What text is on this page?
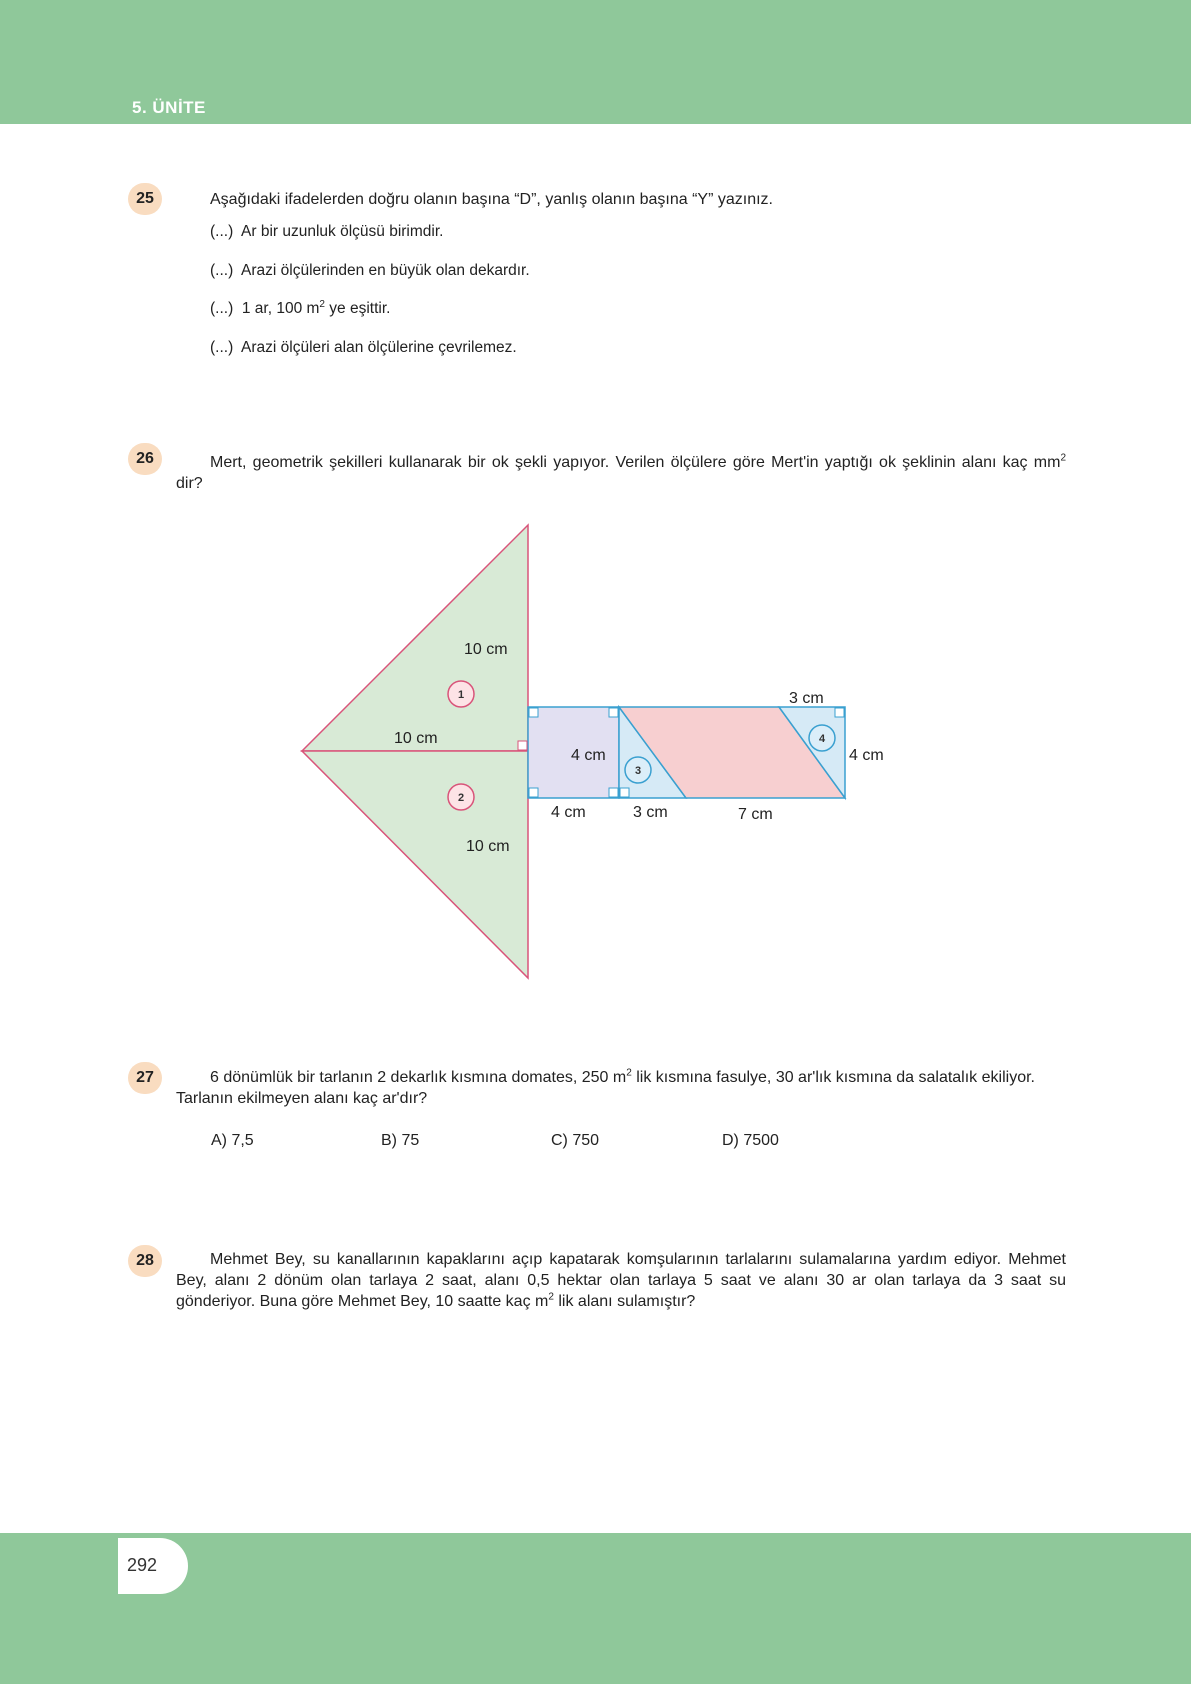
5. ÜNİTE
292
25	Aşağıdaki ifadelerden doğru olanın başına “D”, yanlış olanın başına “Y” yazınız.
(...) Ar bir uzunluk ölçüsü birimdir.
(...) Arazi ölçülerinden en büyük olan dekardır.
(...) 1 ar, 100 $m^2$ ye eşittir.
(...) Arazi ölçüleri alan ölçülerine çevrilemez.
26	Mert, geometrik şekilleri kullanarak bir ok şekli yapıyor. Verilen ölçülere göre Mert'in yaptığı ok şeklinin alanı kaç $mm^2$ dir?
1
2
3
4
10 cm
10 cm
10 cm
4 cm
4 cm	3 cm	7 cm
3 cm
4 cm
27	6 dönümlük bir tarlanın 2 dekarlık kısmına domates, 250 $m^2$ lik kısmına fasulye, 30 ar'lık kısmına da salatalık ekiliyor. Tarlanın ekilmeyen alanı kaç ar'dır?
A) 7,5	B) 75	C) 750	D) 7500
28	Mehmet Bey, su kanallarının kapaklarını açıp kapatarak komşularının tarlalarını sulamalarına yardım ediyor. Mehmet Bey, alanı 2 dönüm olan tarlaya 2 saat, alanı 0,5 hektar olan tarlaya 5 saat ve alanı 30 ar olan tarlaya da 3 saat su gönderiyor. Buna göre Mehmet Bey, 10 saatte kaç $m^2$ lik alanı sulamıştır?
